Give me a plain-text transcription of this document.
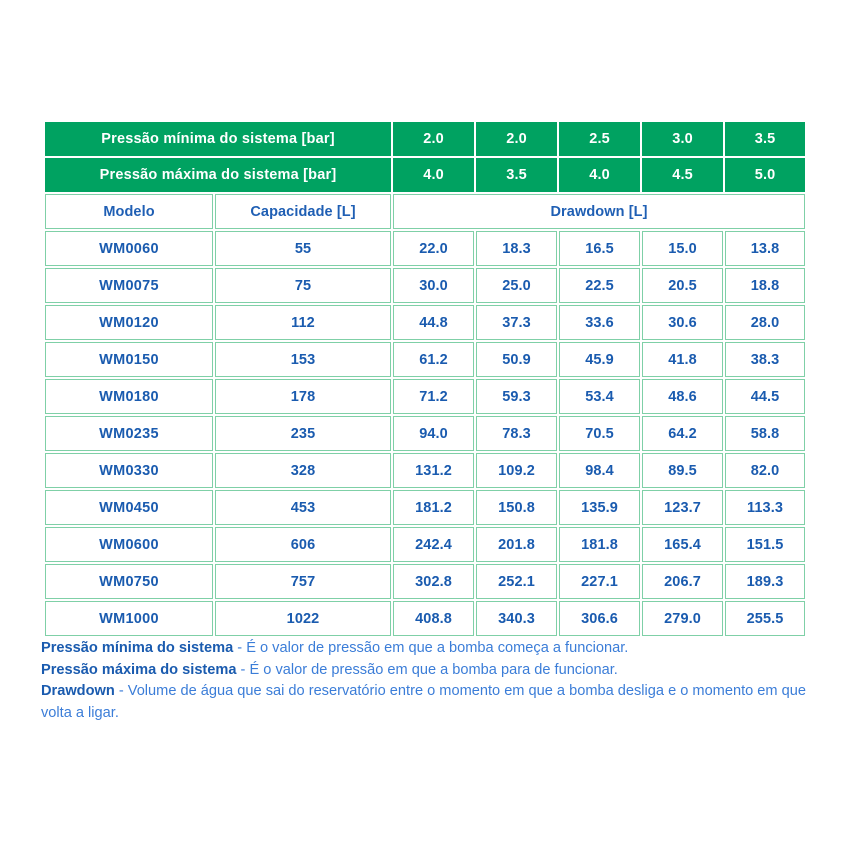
Pressão mínima do sistema [bar]		2.0	2.0	2.5	3.0	3.5
Pressão máxima do sistema [bar]		4.0	3.5	4.0	4.5	5.0
Modelo	Capacidade [L]	Drawdown [L]				
WM0060	55	22.0	18.3	16.5	15.0	13.8
WM0075	75	30.0	25.0	22.5	20.5	18.8
WM0120	112	44.8	37.3	33.6	30.6	28.0
WM0150	153	61.2	50.9	45.9	41.8	38.3
WM0180	178	71.2	59.3	53.4	48.6	44.5
WM0235	235	94.0	78.3	70.5	64.2	58.8
WM0330	328	131.2	109.2	98.4	89.5	82.0
WM0450	453	181.2	150.8	135.9	123.7	113.3
WM0600	606	242.4	201.8	181.8	165.4	151.5
WM0750	757	302.8	252.1	227.1	206.7	189.3
WM1000	1022	408.8	340.3	306.6	279.0	255.5
Pressão mínima do sistema - É o valor de pressão em que a bomba começa a funcionar.
Pressão máxima do sistema - É o valor de pressão em que a bomba para de funcionar.
Drawdown - Volume de água que sai do reservatório entre o momento em que a bomba desliga e o momento em que volta a ligar.
